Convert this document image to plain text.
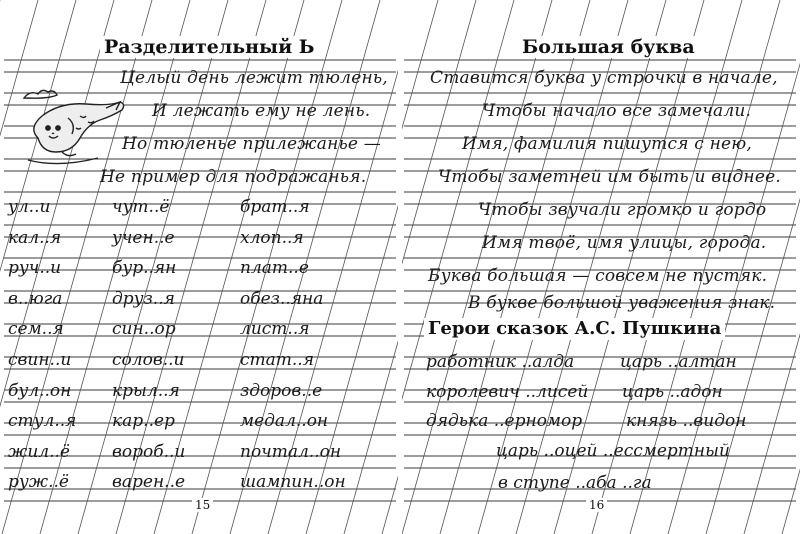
Разделительный Ь
Целый день лежит тюлень,
И лежать ему не лень.
Но тюленье прилежанье —
Не пример для подражанья.
ул..и
кал..я
руч..и
в..юга
сем..я
свин..и
бул..он
стул..я
жил..ё
руж..ё
чут..ё
учен..е
бур..ян
друз..я
син..ор
солов..и
крыл..я
кар..ер
вороб..и
варен..е
брат..я
хлоп..я
плат..е
обез..яна
лист..я
стат..я
здоров..е
медал..он
почтал..он
шампин..он
15
Большая буква
Ставится буква у строчки в начале,
Чтобы начало все замечали.
Имя, фамилия пишутся с нею,
Чтобы заметней им быть и виднее.
Чтобы звучали громко и гордо
Имя твоё, имя улицы, города.
Буква большая — совсем не пустяк.
В букве большой уважения знак.
Герои сказок А.С. Пушкина
работник ..алда	царь ..алтан
королевич ..лисей царь ..адон
дядька ..ерномор	князь ..видон
царь ..оцей ..ессмертный
в ступе ..аба ..га
16
